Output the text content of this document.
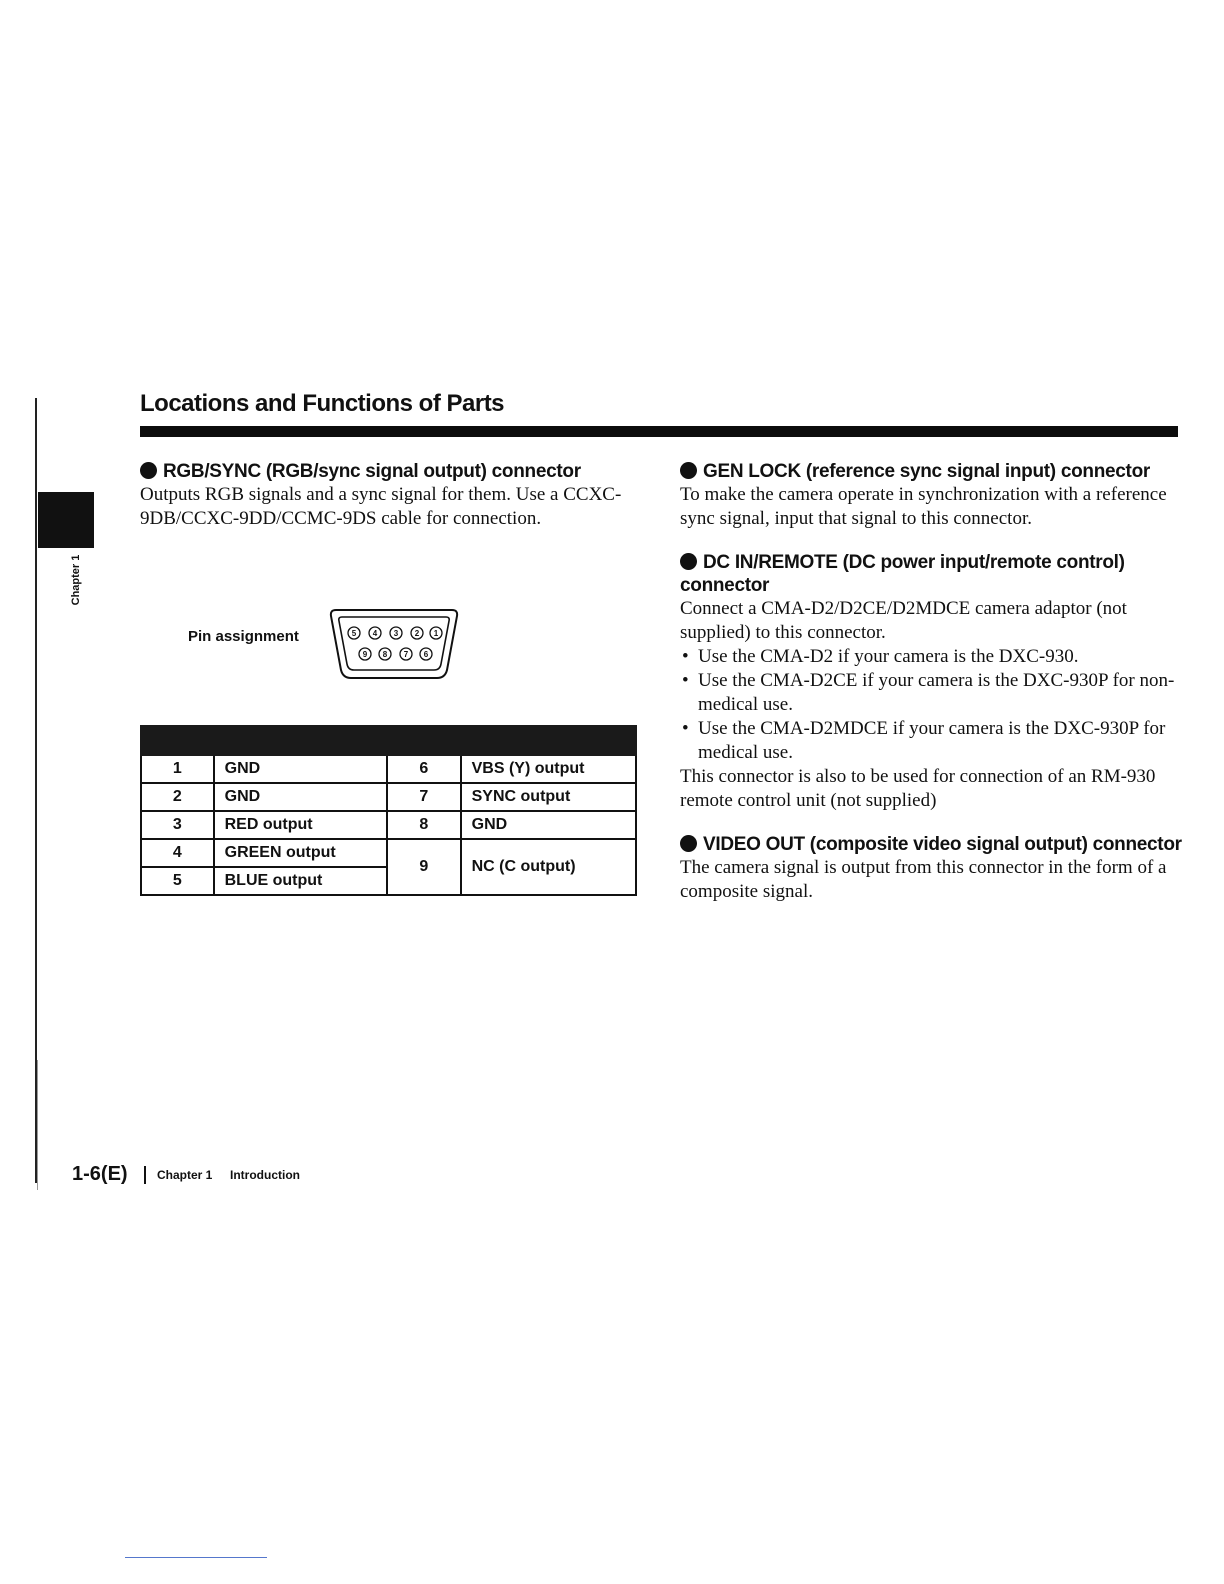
Chapter 1
Locations and Functions of Parts
RGB/SYNC (RGB/sync signal output) connector

Outputs RGB signals and a sync signal for them. Use a CCXC- 9DB/CCXC-9DD/CCMC-9DS cable for connection.

Pin assignment	5 4 3 2 1
9 8 7 6

1	GND	6	VBS (Y) output
2	GND	7	SYNC output
3	RED output	8	GND
4	GREEN output	9	NC (C output)
5	BLUE output		
GEN LOCK (reference sync signal input) connector

To make the camera operate in synchronization with a reference sync signal, input that signal to this connector.

DC IN/REMOTE (DC power input/remote control) connector

Connect a CMA-D2/D2CE/D2MDCE camera adaptor (not supplied) to this connector.

• Use the CMA-D2 if your camera is the DXC-930.
• Use the CMA-D2CE if your camera is the DXC-930P for non-medical use.
• Use the CMA-D2MDCE if your camera is the DXC-930P for medical use.

This connector is also to be used for connection of an RM-930 remote control unit (not supplied)

VIDEO OUT (composite video signal output) connector

The camera signal is output from this connector in the form of a composite signal.

1-6(E) Chapter 1 Introduction
